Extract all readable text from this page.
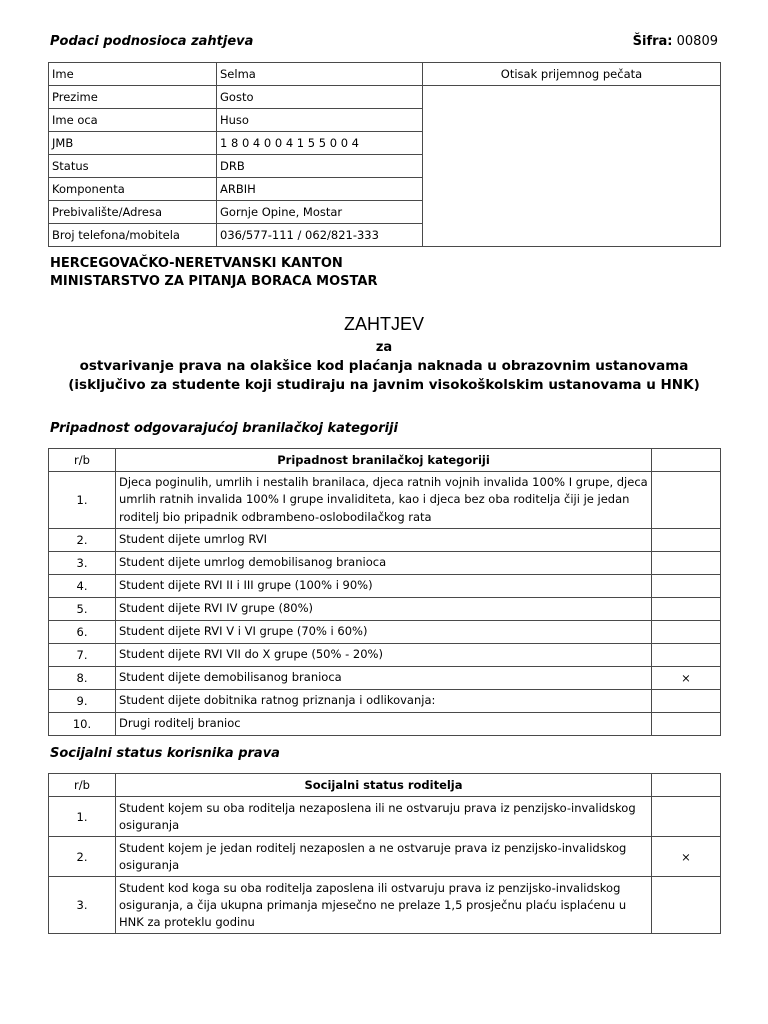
Podaci podnosioca zahtjeva	Šifra: 00809
Ime	Selma	Otisak prijemnog pečata
Prezime	Gosto	
Ime oca	Huso	
JMB	1 8 0 4 0 0 4 1 5 5 0 0 4	
Status	DRB	
Komponenta	ARBIH	
Prebivalište/Adresa	Gornje Opine, Mostar	
Broj telefona/mobitela	036/577-111 / 062/821-333	
HERCEGOVAČKO-NERETVANSKI KANTON
MINISTARSTVO ZA PITANJA BORACA MOSTAR
ZAHTJEV
za
ostvarivanje prava na olakšice kod plaćanja naknada u obrazovnim ustanovama
(isključivo za studente koji studiraju na javnim visokoškolskim ustanovama u HNK)
Pripadnost odgovarajućoj branilačkoj kategoriji
r/b	Pripadnost branilačkoj kategoriji	
1.	Djeca poginulih, umrlih i nestalih branilaca, djeca ratnih vojnih invalida 100% I grupe, djeca umrlih ratnih invalida 100% I grupe invaliditeta, kao i djeca bez oba roditelja čiji je jedan roditelj bio pripadnik odbrambeno-oslobodilačkog rata	
2.	Student dijete umrlog RVI	
3.	Student dijete umrlog demobilisanog branioca	
4.	Student dijete RVI II i III grupe (100% i 90%)	
5.	Student dijete RVI IV grupe (80%)	
6.	Student dijete RVI V i VI grupe (70% i 60%)	
7.	Student dijete RVI VII do X grupe (50% - 20%)	
8.	Student dijete demobilisanog branioca	×
9.	Student dijete dobitnika ratnog priznanja i odlikovanja:	
10.	Drugi roditelj branioc	
Socijalni status korisnika prava
r/b	Socijalni status roditelja	
1.	Student kojem su oba roditelja nezaposlena ili ne ostvaruju prava iz penzijsko-invalidskog osiguranja	
2.	Student kojem je jedan roditelj nezaposlen a ne ostvaruje prava iz penzijsko-invalidskog osiguranja	×
3.	Student kod koga su oba roditelja zaposlena ili ostvaruju prava iz penzijsko-invalidskog osiguranja, a čija ukupna primanja mjesečno ne prelaze 1,5 prosječnu plaću isplaćenu u HNK za proteklu godinu	
